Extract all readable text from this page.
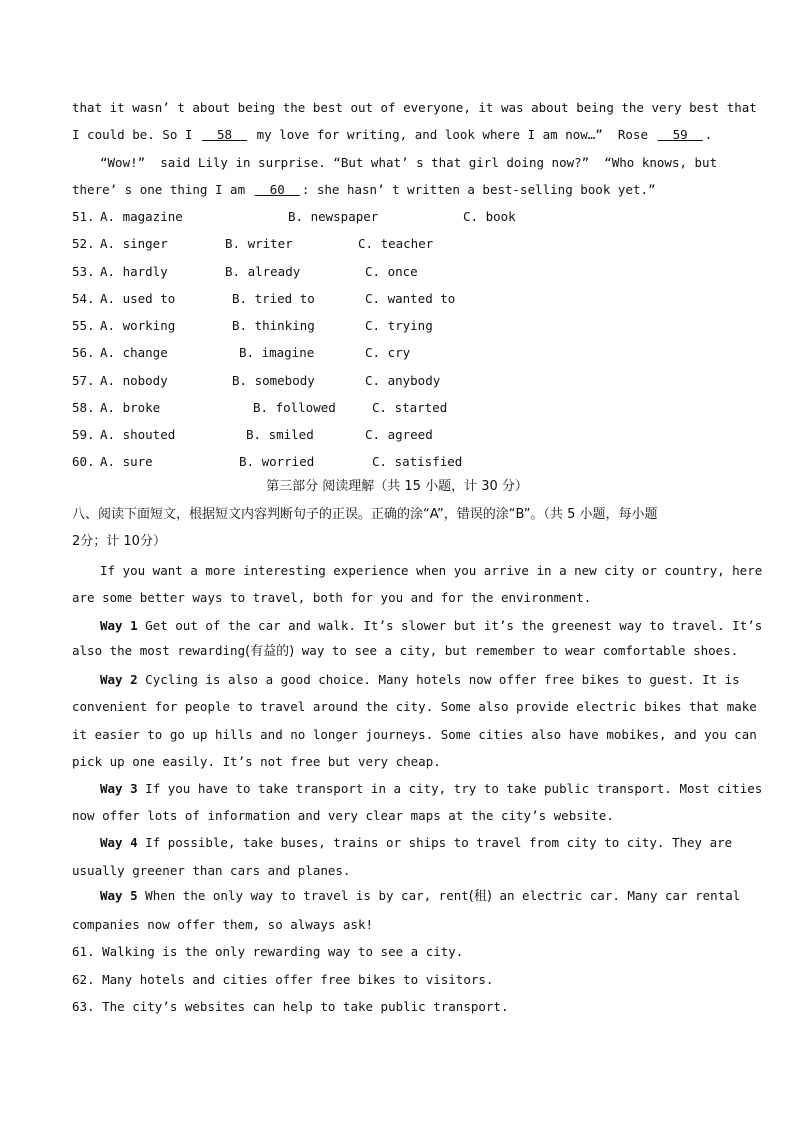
that it wasn’ t about being the best out of everyone, it was about being the very best that
I could be. So I   58   my love for writing, and look where I am now…”  Rose   59 .
“Wow!”  said Lily in surprise. “But what’ s that girl doing now?”  “Who knows, but
there’ s one thing I am   60 : she hasn’ t written a best-selling book yet.”
51. A. magazine	B. newspaper	C. book
52. A. singer	B. writer	C. teacher
53. A. hardly	B. already	C. once
54. A. used to	B. tried to	C. wanted to
55. A. working	B. thinking	C. trying
56. A. change	B. imagine	C. cry
57. A. nobody	B. somebody	C. anybody
58. A. broke	B. followed	C. started
59. A. shouted	B. smiled	C. agreed
60. A. sure	B. worried	C. satisfied
第三部分 阅读理解（共 15 小题，计 30 分）
八、阅读下面短文，根据短文内容判断句子的正误。正确的涂“A”，错误的涂“B”。（共 5 小题，每小题
2分；计 10分）
If you want a more interesting experience when you arrive in a new city or country, here
are some better ways to travel, both for you and for the environment.
Way 1 Get out of the car and walk. It’s slower but it’s the greenest way to travel. It’s
also the most rewarding(有益的) way to see a city, but remember to wear comfortable shoes.
Way 2 Cycling is also a good choice. Many hotels now offer free bikes to guest. It is
convenient for people to travel around the city. Some also provide electric bikes that make
it easier to go up hills and no longer journeys. Some cities also have mobikes, and you can
pick up one easily. It’s not free but very cheap.
Way 3 If you have to take transport in a city, try to take public transport. Most cities
now offer lots of information and very clear maps at the city’s website.
Way 4 If possible, take buses, trains or ships to travel from city to city. They are
usually greener than cars and planes.
Way 5 When the only way to travel is by car, rent(租) an electric car. Many car rental
companies now offer them, so always ask!
61. Walking is the only rewarding way to see a city.
62. Many hotels and cities offer free bikes to visitors.
63. The city’s websites can help to take public transport.
